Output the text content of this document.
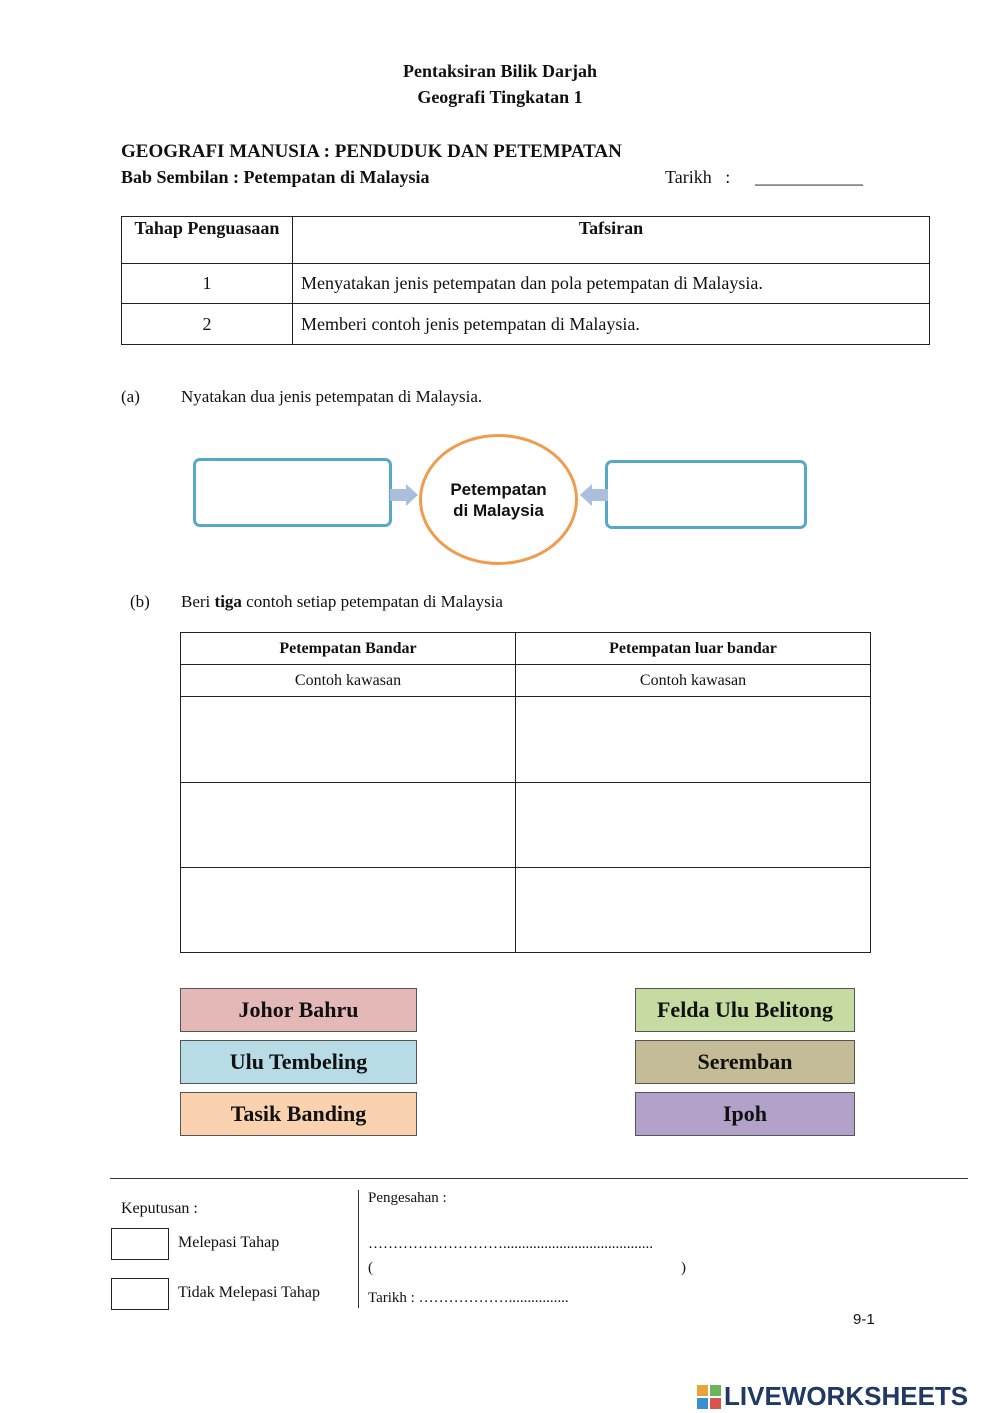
Pentaksiran Bilik Darjah
Geografi Tingkatan 1
GEOGRAFI MANUSIA : PENDUDUK DAN PETEMPATAN
Bab Sembilan : Petempatan di Malaysia	Tarikh   : ____________
Tahap Penguasaan	Tafsiran
1	Menyatakan jenis petempatan dan pola petempatan di Malaysia.
2	Memberi contoh jenis petempatan di Malaysia.
(a) Nyatakan dua jenis petempatan di Malaysia.
Petempatan
di Malaysia
(b) Beri tiga contoh setiap petempatan di Malaysia
Petempatan Bandar	Petempatan luar bandar
Contoh kawasan	Contoh kawasan

Johor Bahru	Felda Ulu Belitong
Ulu Tembeling	Seremban
Tasik Banding	Ipoh
Keputusan :
Melepasi Tahap
Tidak Melepasi Tahap
Pengesahan :
………………………........................................
(	)
Tarikh : ………………................
9-1
LIVEWORKSHEETS
